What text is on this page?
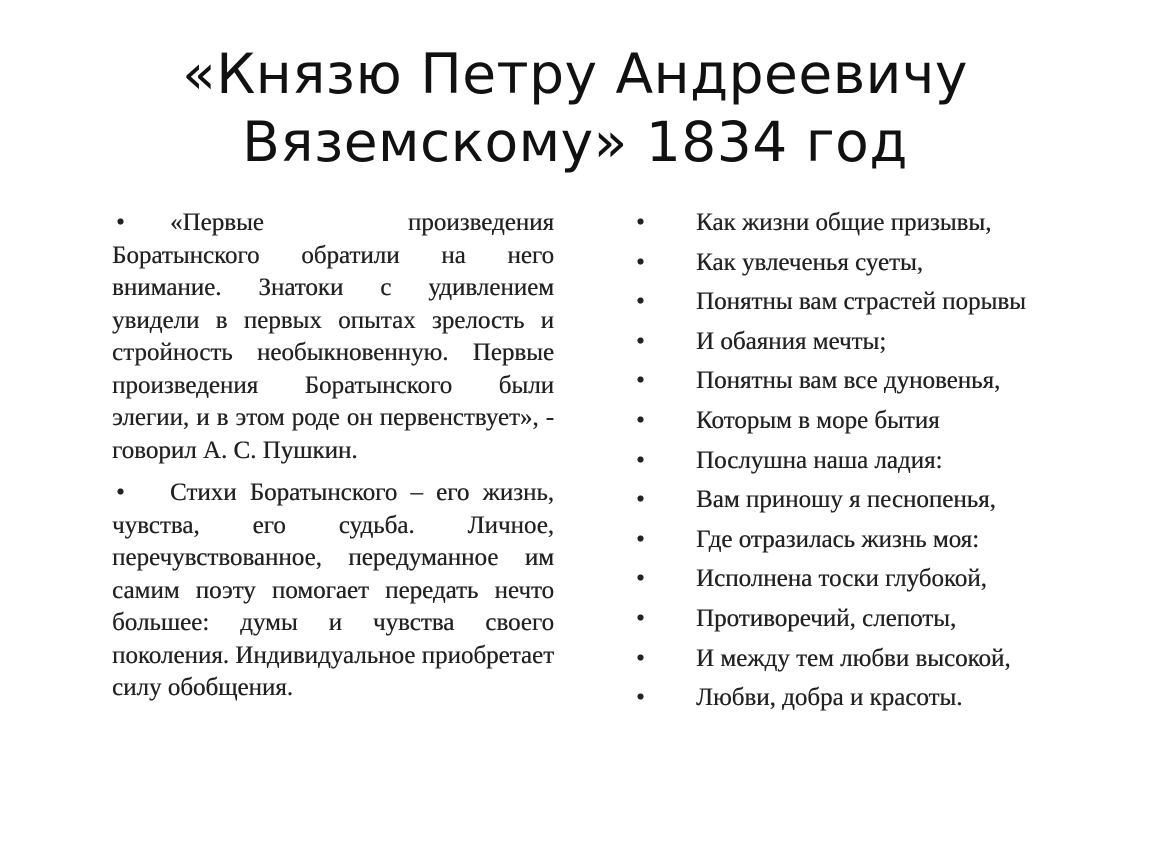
«Князю Петру Андреевичу
Вяземскому» 1834 год
• «Первые произведения Боратынского обратили на него внимание. Знатоки с удивлением увидели в первых опытах зрелость и стройность необыкновенную. Первые произведения Боратынского были элегии, и в этом роде он первенствует», - говорил А. С. Пушкин.
• Стихи Боратынского – его жизнь, чувства, его судьба. Личное, перечувствованное, передуманное им самим поэту помогает передать нечто большее: думы и чувства своего поколения. Индивидуальное приобретает силу обобщения.
• Как жизни общие призывы,
• Как увлеченья суеты,
• Понятны вам страстей порывы
• И обаяния мечты;
• Понятны вам все дуновенья,
• Которым в море бытия
• Послушна наша ладия:
• Вам приношу я песнопенья,
• Где отразилась жизнь моя:
• Исполнена тоски глубокой,
• Противоречий, слепоты,
• И между тем любви высокой,
• Любви, добра и красоты.
